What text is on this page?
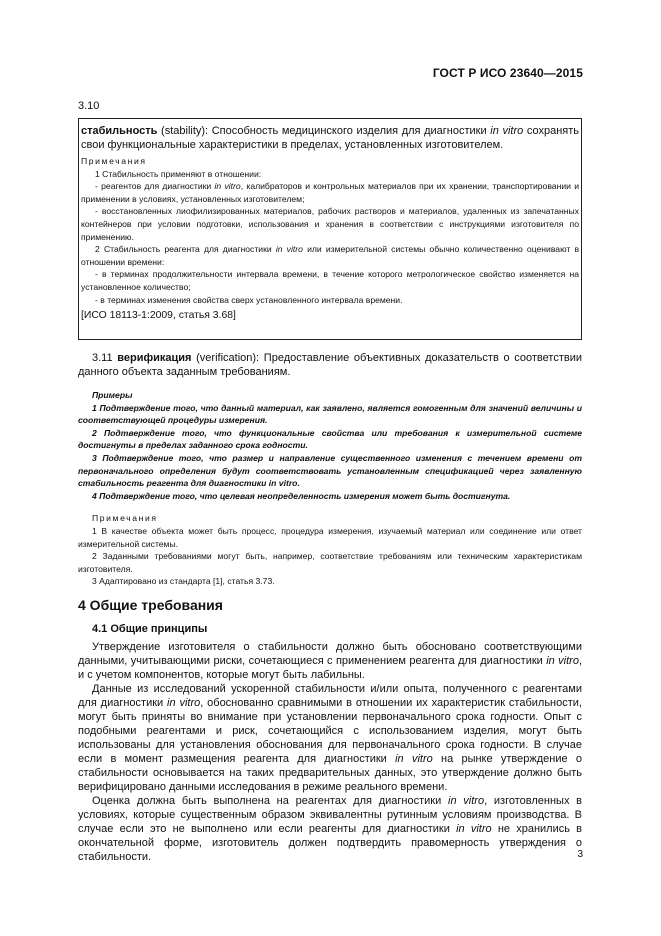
ГОСТ Р ИСО 23640—2015
3.10

стабильность (stability): Способность медицинского изделия для диагностики in vitro сохранять свои функциональные характеристики в пределах, установленных изготовителем.

Примечания

1 Стабильность применяют в отношении:

- реагентов для диагностики in vitro, калибраторов и контрольных материалов при их хранении, транспортировании и применении в условиях, установленных изготовителем;

- восстановленных лиофилизированных материалов, рабочих растворов и материалов, удаленных из запечатанных контейнеров при условии подготовки, использования и хранения в соответствии с инструкциями изготовителя по применению.

2 Стабильность реагента для диагностики in vitro или измерительной системы обычно количественно оценивают в отношении времени:

- в терминах продолжительности интервала времени, в течение которого метрологическое свойство изменяется на установленное количество;

- в терминах изменения свойства сверх установленного интервала времени.

[ИСО 18113-1:2009, статья 3.68]

3.11 верификация (verification): Предоставление объективных доказательств о соответствии данного объекта заданным требованиям.

Примеры

1 Подтверждение того, что данный материал, как заявлено, является гомогенным для значений величины и соответствующей процедуры измерения.

2 Подтверждение того, что функциональные свойства или требования к измерительной системе достигнуты в пределах заданного срока годности.

3 Подтверждение того, что размер и направление существенного изменения с течением времени от первоначального определения будут соответствовать установленным спецификацией через заявленную стабильность реагента для диагностики in vitro.

4 Подтверждение того, что целевая неопределенность измерения может быть достигнута.

Примечания

1 В качестве объекта может быть процесс, процедура измерения, изучаемый материал или соединение или ответ измерительной системы.

2 Заданными требованиями могут быть, например, соответствие требованиям или техническим характеристикам изготовителя.

3 Адаптировано из стандарта [1], статья 3.73.

4 Общие требования

4.1 Общие принципы

Утверждение изготовителя о стабильности должно быть обосновано соответствующими данными, учитывающими риски, сочетающиеся с применением реагента для диагностики in vitro, и с учетом компонентов, которые могут быть лабильны.

Данные из исследований ускоренной стабильности и/или опыта, полученного с реагентами для диагностики in vitro, обоснованно сравнимыми в отношении их характеристик стабильности, могут быть приняты во внимание при установлении первоначального срока годности. Опыт с подобными реагентами и риск, сочетающийся с использованием изделия, могут быть использованы для установления обоснования для первоначального срока годности. В случае если в момент размещения реагента для диагностики in vitro на рынке утверждение о стабильности основывается на таких предварительных данных, это утверждение должно быть верифицировано данными исследования в режиме реального времени.

Оценка должна быть выполнена на реагентах для диагностики in vitro, изготовленных в условиях, которые существенным образом эквивалентны рутинным условиям производства. В случае если это не выполнено или если реагенты для диагностики in vitro не хранились в окончательной форме, изготовитель должен подтвердить правомерность утверждения о стабильности.	3
